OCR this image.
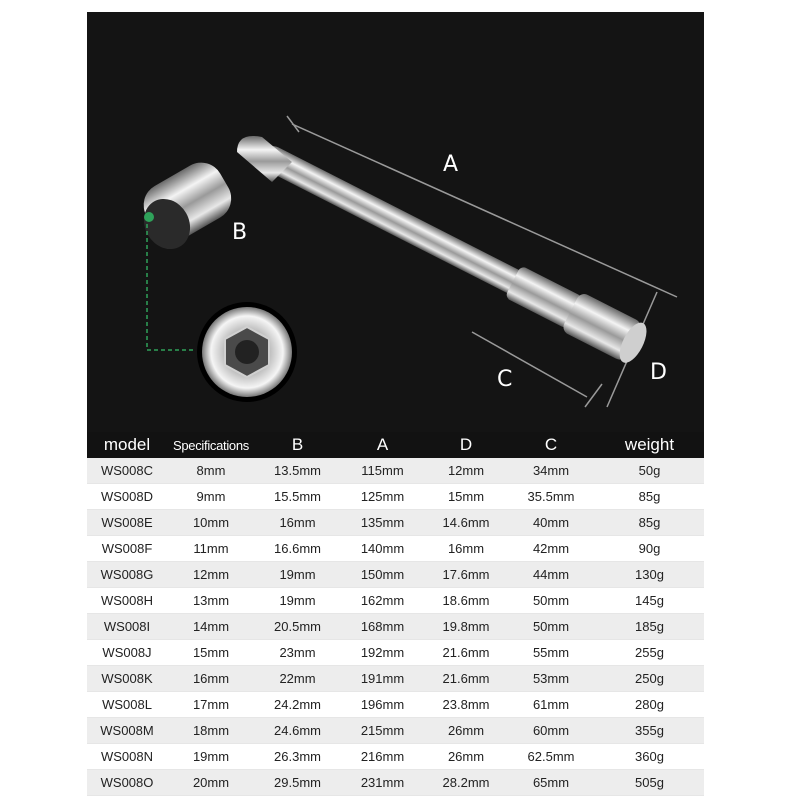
A
B
C	D
model	Specifications	B	A	D	C	weight
WS008C	8mm	13.5mm	115mm	12mm	34mm	50g
WS008D	9mm	15.5mm	125mm	15mm	35.5mm	85g
WS008E	10mm	16mm	135mm	14.6mm	40mm	85g
WS008F	11mm	16.6mm	140mm	16mm	42mm	90g
WS008G	12mm	19mm	150mm	17.6mm	44mm	130g
WS008H	13mm	19mm	162mm	18.6mm	50mm	145g
WS008I	14mm	20.5mm	168mm	19.8mm	50mm	185g
WS008J	15mm	23mm	192mm	21.6mm	55mm	255g
WS008K	16mm	22mm	191mm	21.6mm	53mm	250g
WS008L	17mm	24.2mm	196mm	23.8mm	61mm	280g
WS008M	18mm	24.6mm	215mm	26mm	60mm	355g
WS008N	19mm	26.3mm	216mm	26mm	62.5mm	360g
WS008O	20mm	29.5mm	231mm	28.2mm	65mm	505g
